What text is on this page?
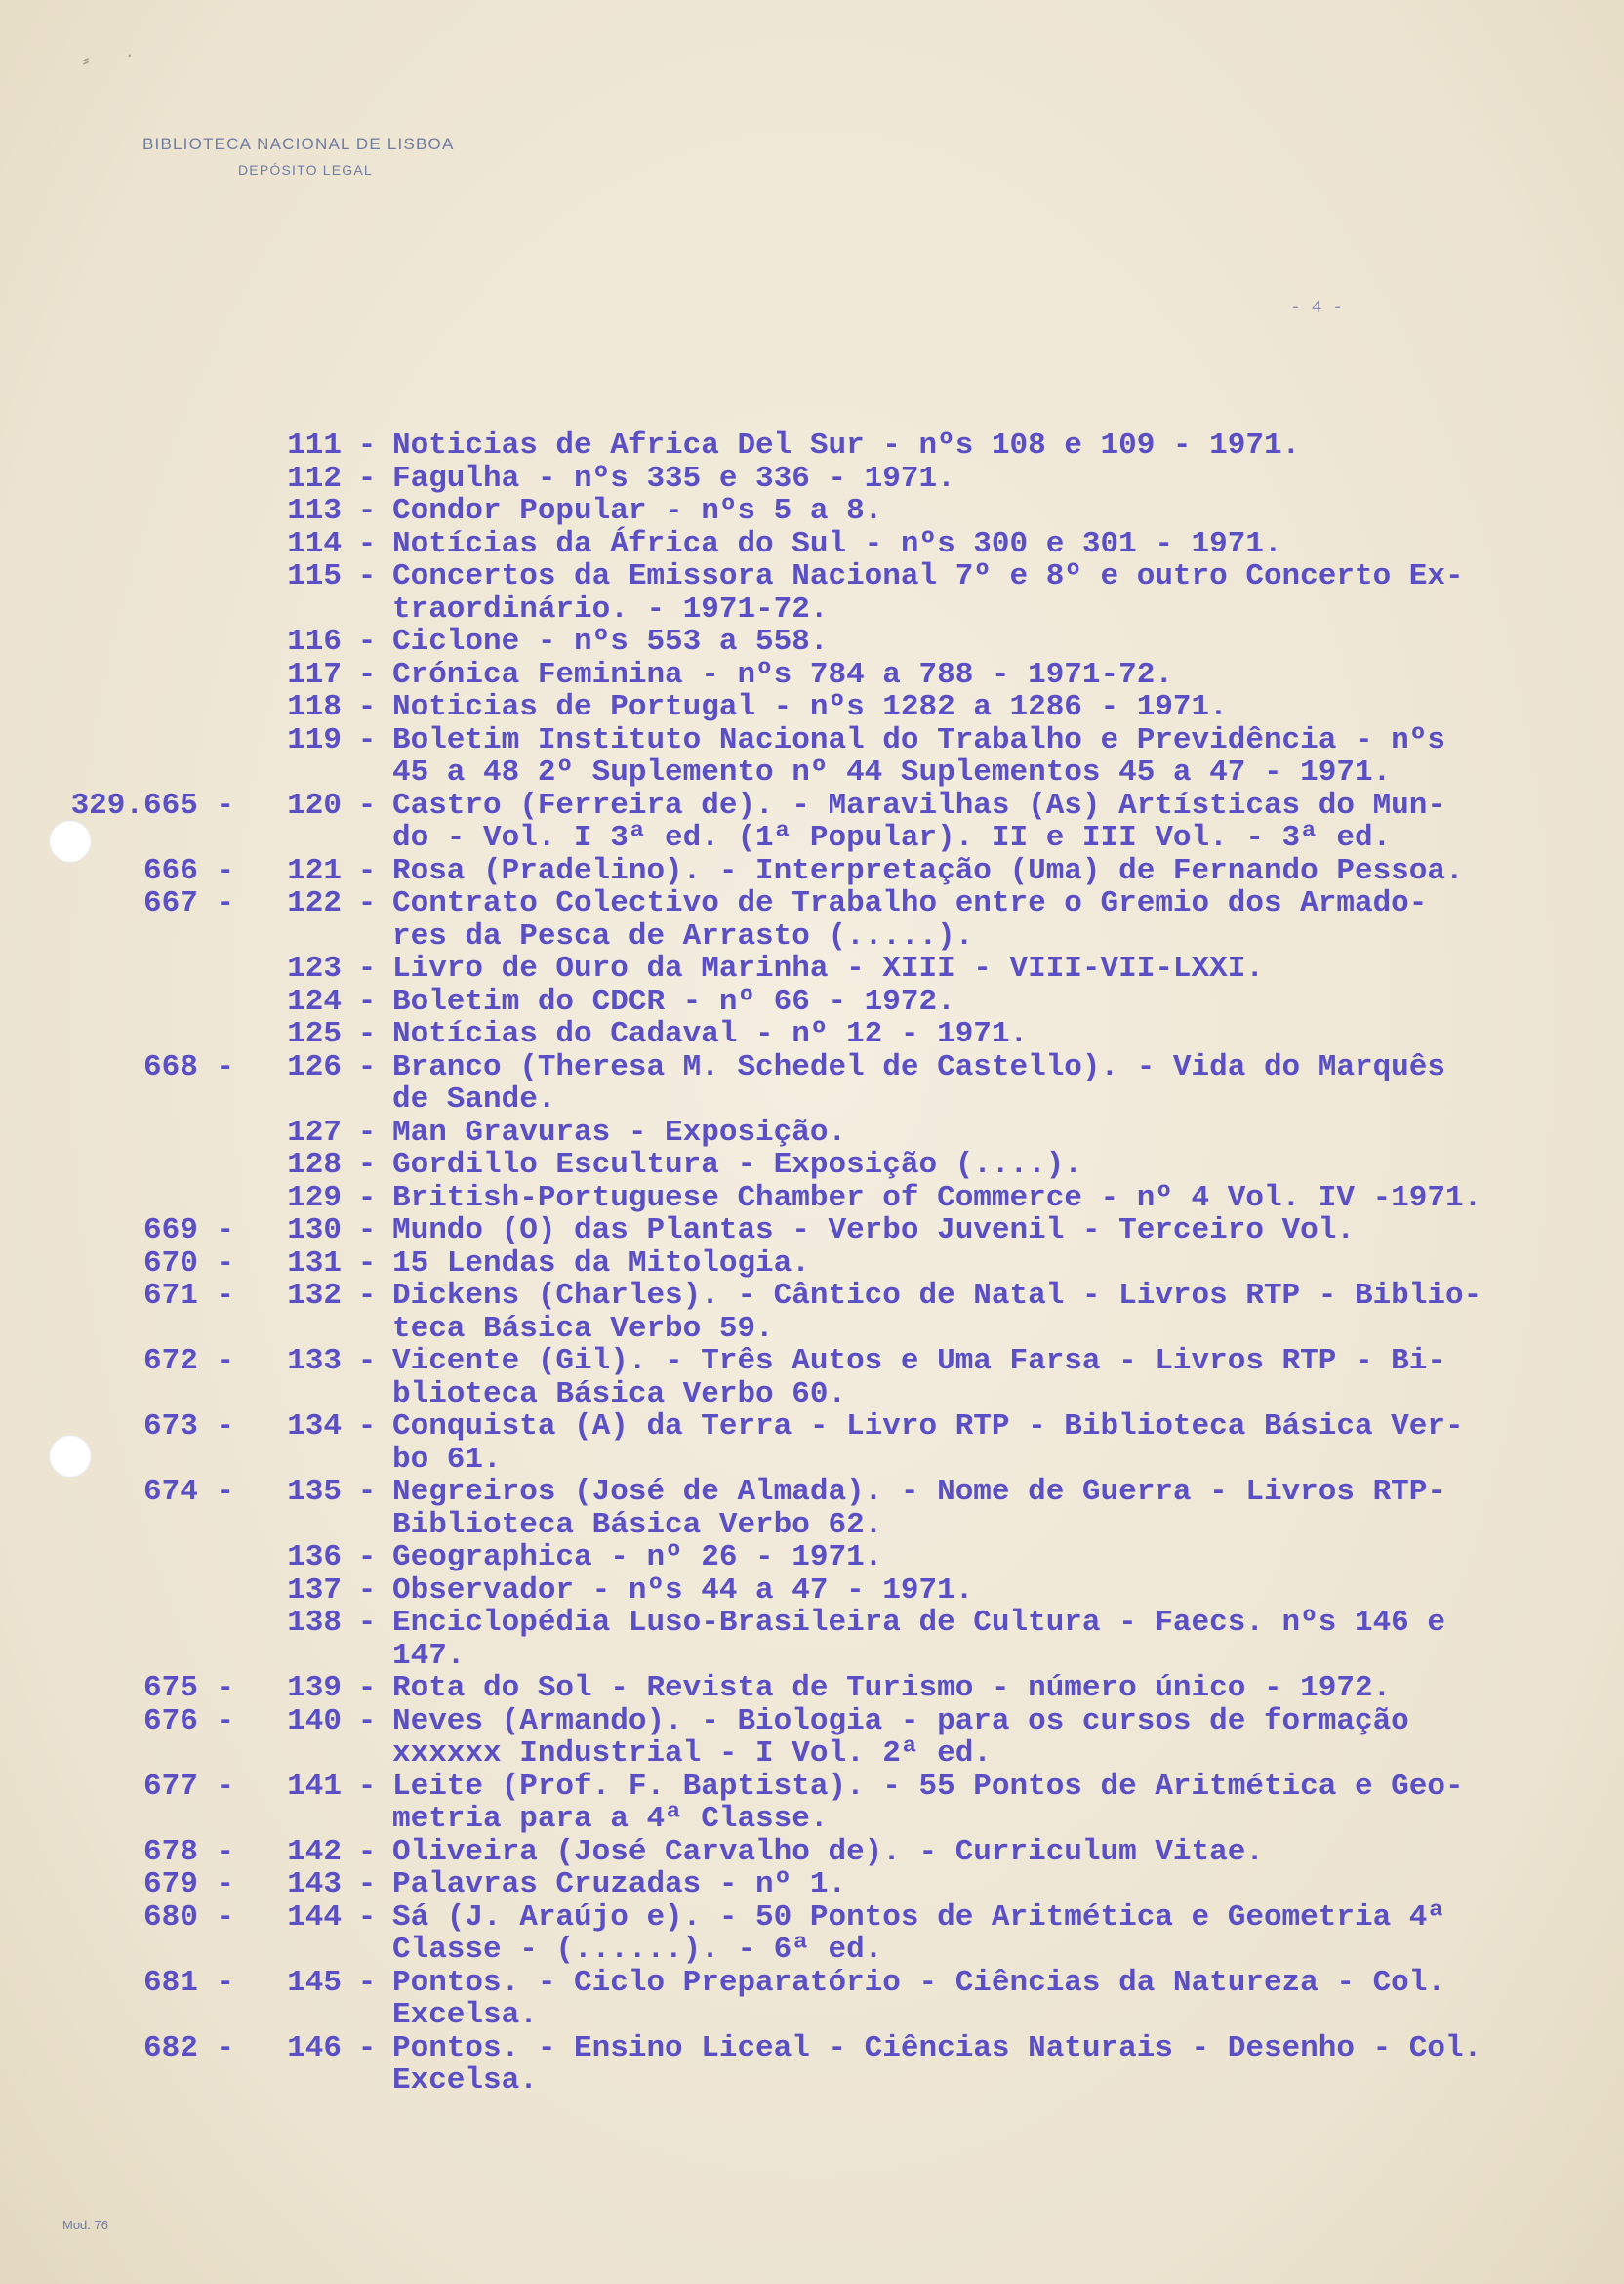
⸗ ·
BIBLIOTECA NACIONAL DE LISBOA
DEPÓSITO LEGAL
- 4 -
111 - Noticias de Africa Del Sur - nºs 108 e 109 - 1971.
112 - Fagulha - nºs 335 e 336 - 1971.
113 - Condor Popular - nºs 5 a 8.
114 - Notícias da África do Sul - nºs 300 e 301 - 1971.
115 - Concertos da Emissora Nacional 7º e 8º e outro Concerto Ex-
traordinário. - 1971-72.
116 - Ciclone - nºs 553 a 558.
117 - Crónica Feminina - nºs 784 a 788 - 1971-72.
118 - Noticias de Portugal - nºs 1282 a 1286 - 1971.
119 - Boletim Instituto Nacional do Trabalho e Previdência - nºs
45 a 48 2º Suplemento nº 44 Suplementos 45 a 47 - 1971.
329.665 -	120 - Castro (Ferreira de). - Maravilhas (As) Artísticas do Mun-
do - Vol. I 3ª ed. (1ª Popular). II e III Vol. - 3ª ed.
666 -	121 - Rosa (Pradelino). - Interpretação (Uma) de Fernando Pessoa.
667 -	122 - Contrato Colectivo de Trabalho entre o Gremio dos Armado-
res da Pesca de Arrasto (.....).
123 - Livro de Ouro da Marinha - XIII - VIII-VII-LXXI.
124 - Boletim do CDCR - nº 66 - 1972.
125 - Notícias do Cadaval - nº 12 - 1971.
668 -	126 - Branco (Theresa M. Schedel de Castello). - Vida do Marquês
de Sande.
127 - Man Gravuras - Exposição.
128 - Gordillo Escultura - Exposição (....).
129 - British-Portuguese Chamber of Commerce - nº 4 Vol. IV -1971.
669 -	130 - Mundo (O) das Plantas - Verbo Juvenil - Terceiro Vol.
670 -	131 - 15 Lendas da Mitologia.
671 -	132 - Dickens (Charles). - Cântico de Natal - Livros RTP - Biblio-
teca Básica Verbo 59.
672 -	133 - Vicente (Gil). - Três Autos e Uma Farsa - Livros RTP - Bi-
blioteca Básica Verbo 60.
673 -	134 - Conquista (A) da Terra - Livro RTP - Biblioteca Básica Ver-
bo 61.
674 -	135 - Negreiros (José de Almada). - Nome de Guerra - Livros RTP-
Biblioteca Básica Verbo 62.
136 - Geographica - nº 26 - 1971.
137 - Observador - nºs 44 a 47 - 1971.
138 - Enciclopédia Luso-Brasileira de Cultura - Faecs. nºs 146 e
147.
675 -	139 - Rota do Sol - Revista de Turismo - número único - 1972.
676 -	140 - Neves (Armando). - Biologia - para os cursos de formação
xxxxxx Industrial - I Vol. 2ª ed.
677 -	141 - Leite (Prof. F. Baptista). - 55 Pontos de Aritmética e Geo-
metria para a 4ª Classe.
678 -	142 - Oliveira (José Carvalho de). - Curriculum Vitae.
679 -	143 - Palavras Cruzadas - nº 1.
680 -	144 - Sá (J. Araújo e). - 50 Pontos de Aritmética e Geometria 4ª
Classe - (......). - 6ª ed.
681 -	145 - Pontos. - Ciclo Preparatório - Ciências da Natureza - Col.
Excelsa.
682 -	146 - Pontos. - Ensino Liceal - Ciências Naturais - Desenho - Col.
Excelsa.
Mod. 76
